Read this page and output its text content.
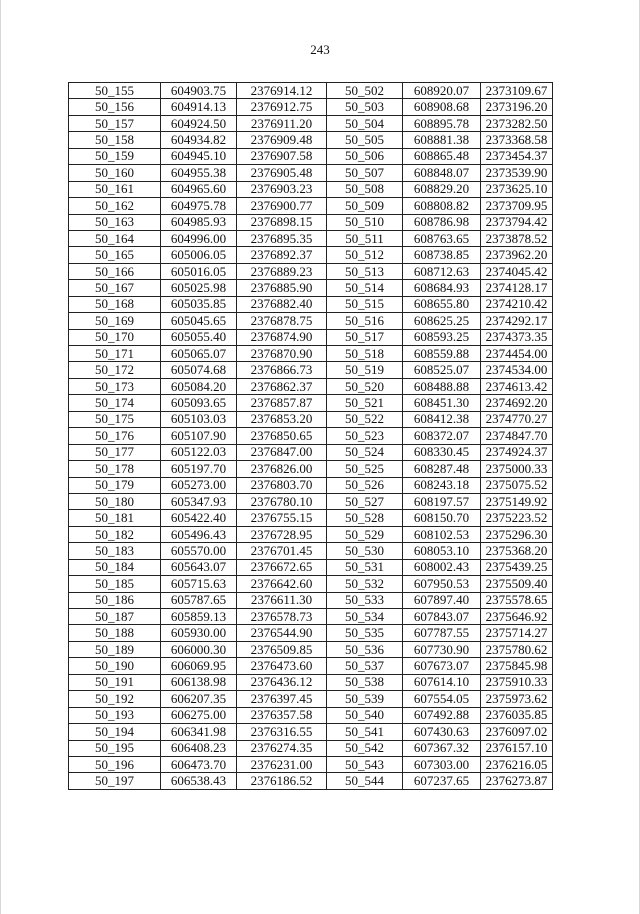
243
50_155	604903.75	2376914.12	50_502	608920.07	2373109.67
50_156	604914.13	2376912.75	50_503	608908.68	2373196.20
50_157	604924.50	2376911.20	50_504	608895.78	2373282.50
50_158	604934.82	2376909.48	50_505	608881.38	2373368.58
50_159	604945.10	2376907.58	50_506	608865.48	2373454.37
50_160	604955.38	2376905.48	50_507	608848.07	2373539.90
50_161	604965.60	2376903.23	50_508	608829.20	2373625.10
50_162	604975.78	2376900.77	50_509	608808.82	2373709.95
50_163	604985.93	2376898.15	50_510	608786.98	2373794.42
50_164	604996.00	2376895.35	50_511	608763.65	2373878.52
50_165	605006.05	2376892.37	50_512	608738.85	2373962.20
50_166	605016.05	2376889.23	50_513	608712.63	2374045.42
50_167	605025.98	2376885.90	50_514	608684.93	2374128.17
50_168	605035.85	2376882.40	50_515	608655.80	2374210.42
50_169	605045.65	2376878.75	50_516	608625.25	2374292.17
50_170	605055.40	2376874.90	50_517	608593.25	2374373.35
50_171	605065.07	2376870.90	50_518	608559.88	2374454.00
50_172	605074.68	2376866.73	50_519	608525.07	2374534.00
50_173	605084.20	2376862.37	50_520	608488.88	2374613.42
50_174	605093.65	2376857.87	50_521	608451.30	2374692.20
50_175	605103.03	2376853.20	50_522	608412.38	2374770.27
50_176	605107.90	2376850.65	50_523	608372.07	2374847.70
50_177	605122.03	2376847.00	50_524	608330.45	2374924.37
50_178	605197.70	2376826.00	50_525	608287.48	2375000.33
50_179	605273.00	2376803.70	50_526	608243.18	2375075.52
50_180	605347.93	2376780.10	50_527	608197.57	2375149.92
50_181	605422.40	2376755.15	50_528	608150.70	2375223.52
50_182	605496.43	2376728.95	50_529	608102.53	2375296.30
50_183	605570.00	2376701.45	50_530	608053.10	2375368.20
50_184	605643.07	2376672.65	50_531	608002.43	2375439.25
50_185	605715.63	2376642.60	50_532	607950.53	2375509.40
50_186	605787.65	2376611.30	50_533	607897.40	2375578.65
50_187	605859.13	2376578.73	50_534	607843.07	2375646.92
50_188	605930.00	2376544.90	50_535	607787.55	2375714.27
50_189	606000.30	2376509.85	50_536	607730.90	2375780.62
50_190	606069.95	2376473.60	50_537	607673.07	2375845.98
50_191	606138.98	2376436.12	50_538	607614.10	2375910.33
50_192	606207.35	2376397.45	50_539	607554.05	2375973.62
50_193	606275.00	2376357.58	50_540	607492.88	2376035.85
50_194	606341.98	2376316.55	50_541	607430.63	2376097.02
50_195	606408.23	2376274.35	50_542	607367.32	2376157.10
50_196	606473.70	2376231.00	50_543	607303.00	2376216.05
50_197	606538.43	2376186.52	50_544	607237.65	2376273.87
